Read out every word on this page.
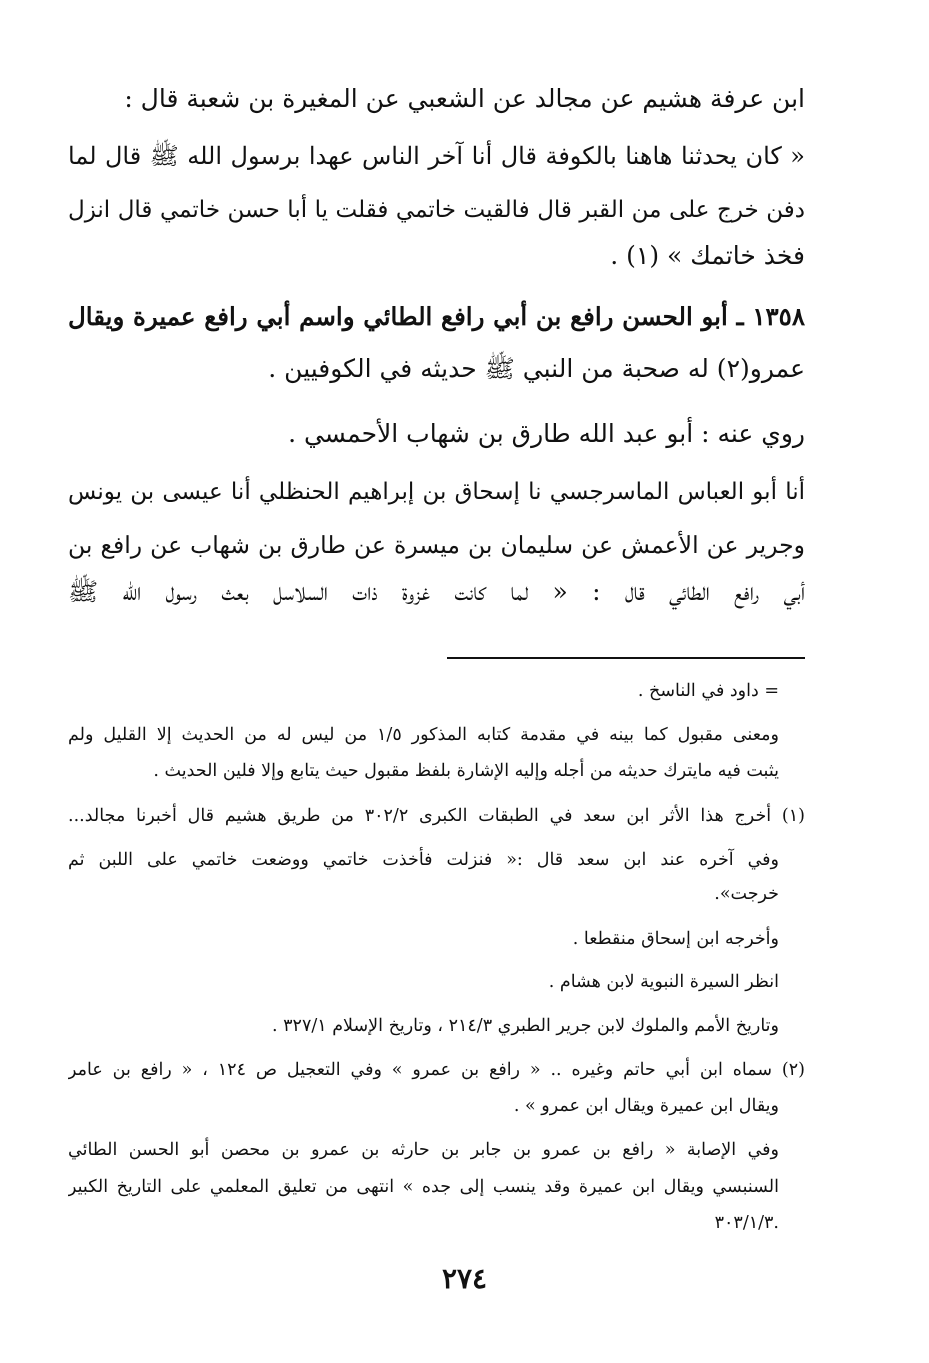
ابن عرفة هشيم عن مجالد عن الشعبي عن المغيرة بن شعبة قال :
« كان يحدثنا هاهنا بالكوفة قال أنا آخر الناس عهدا برسول الله ﷺ قال لما
دفن خرج على من القبر قال فالقيت خاتمي فقلت يا أبا حسن خاتمي قال انزل
فخذ خاتمك » (١) .
١٣٥٨ ـ أبو الحسن رافع بن أبي رافع الطائي واسم أبي رافع عميرة ويقال
عمرو(٢) له صحبة من النبي ﷺ حديثه في الكوفيين .
روي عنه : أبو عبد الله طارق بن شهاب الأحمسي .
أنا أبو العباس الماسرجسي نا إسحاق بن إبراهيم الحنظلي أنا عيسى بن يونس
وجرير عن الأعمش عن سليمان بن ميسرة عن طارق بن شهاب عن رافع بن
أبي رافع الطائي قال : « لما كانت غزوة ذات السلاسل بعث رسول الله ﷺ
= داود في الناسخ .
ومعنى مقبول كما بينه في مقدمة كتابه المذكور ١/٥ من ليس له من الحديث إلا القليل ولم
يثبت فيه مايترك حديثه من أجله وإليه الإشارة بلفظ مقبول حيث يتابع وإلا فلين الحديث .
(١) أخرج هذا الأثر ابن سعد في الطبقات الكبرى ٣٠٢/٢ من طريق هشيم قال أخبرنا مجالد...
وفي آخره عند ابن سعد قال :« فنزلت فأخذت خاتمي ووضعت خاتمي على اللبن ثم
خرجت».
وأخرجه ابن إسحاق منقطعا .
انظر السيرة النبوية لابن هشام .
وتاريخ الأمم والملوك لابن جرير الطبري ٢١٤/٣ ، وتاريخ الإسلام ٣٢٧/١ .
(٢) سماه ابن أبي حاتم وغيره .. « رافع بن عمرو » وفي التعجيل ص ١٢٤ ، « رافع بن عامر
ويقال ابن عميرة ويقال ابن عمرو » .
وفي الإصابة « رافع بن عمرو بن جابر بن حارثه بن عمرو بن محصن أبو الحسن الطائي
السنبسي ويقال ابن عميرة وقد ينسب إلى جده » انتهى من تعليق المعلمي على التاريخ الكبير
٣٠٣/١/٣.
٢٧٤
